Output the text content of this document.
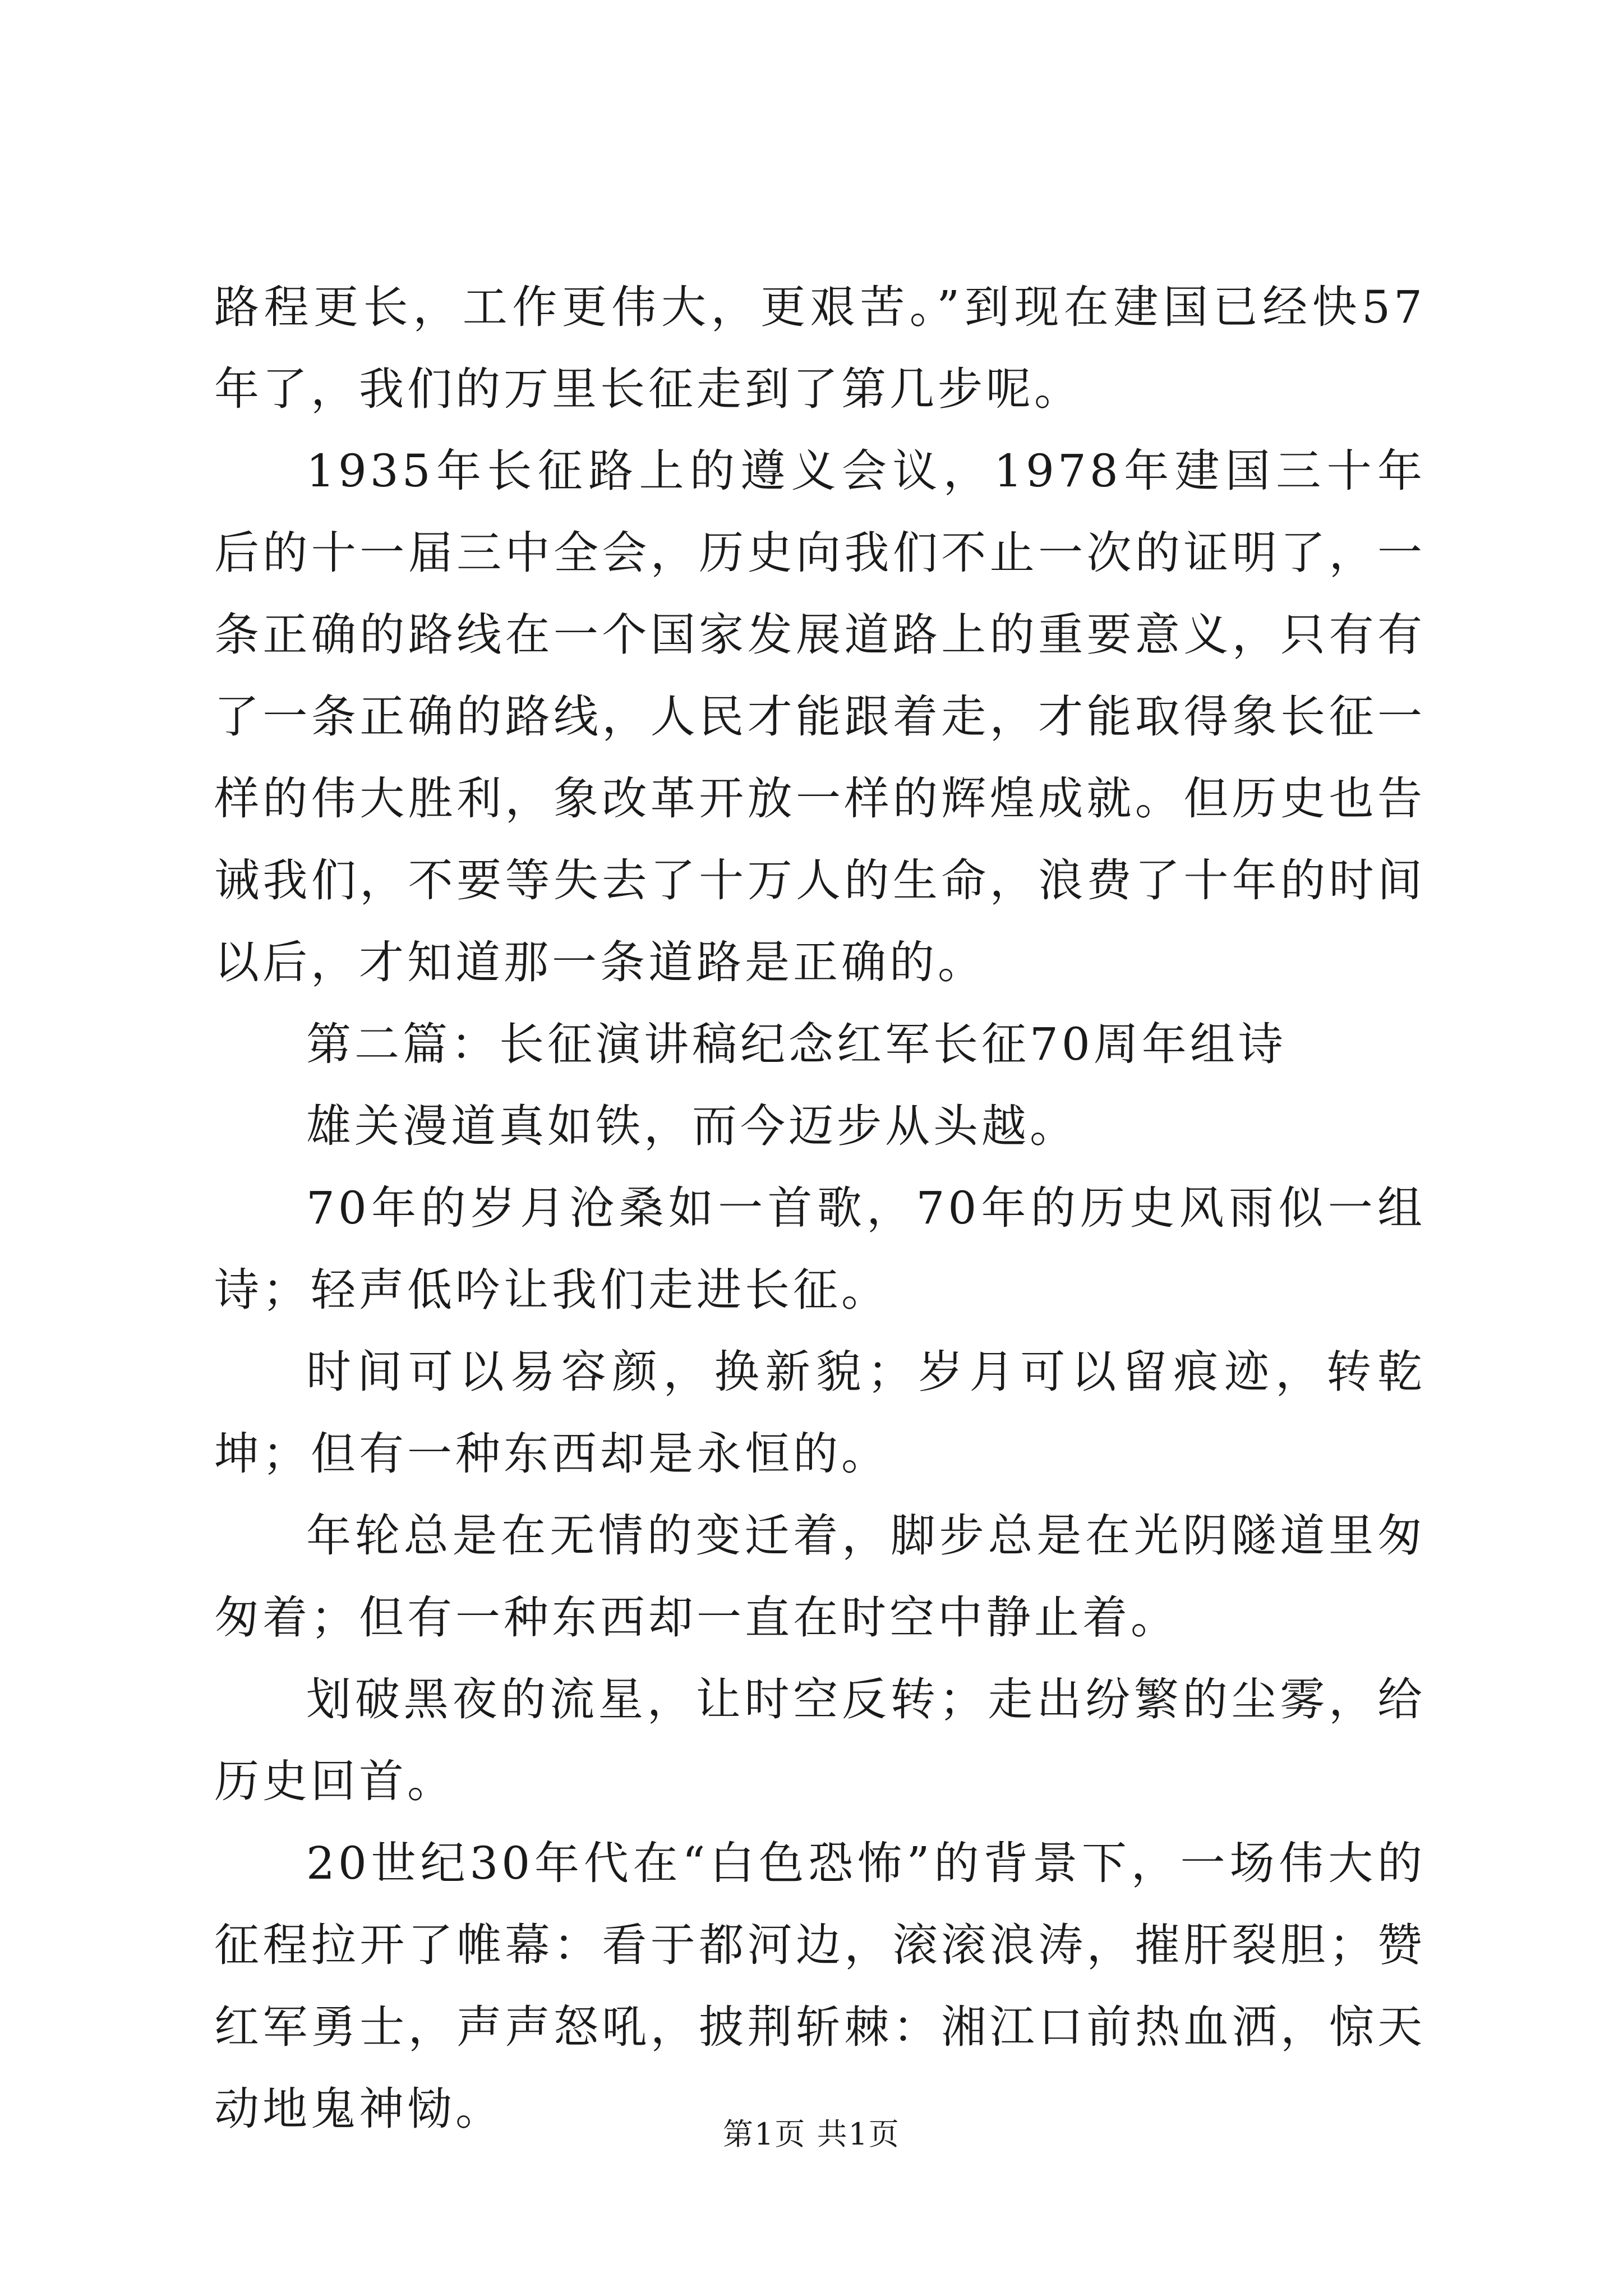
路程更长，工作更伟大，更艰苦。”到现在建国已经快57年了，我们的万里长征走到了第几步呢。

1935年长征路上的遵义会议，1978年建国三十年后的十一届三中全会，历史向我们不止一次的证明了，一条正确的路线在一个国家发展道路上的重要意义，只有有了一条正确的路线，人民才能跟着走，才能取得象长征一样的伟大胜利，象改革开放一样的辉煌成就。但历史也告诫我们，不要等失去了十万人的生命，浪费了十年的时间以后，才知道那一条道路是正确的。

第二篇：长征演讲稿纪念红军长征70周年组诗

雄关漫道真如铁，而今迈步从头越。

70年的岁月沧桑如一首歌，70年的历史风雨似一组诗；轻声低吟让我们走进长征。

时间可以易容颜，换新貌；岁月可以留痕迹，转乾坤；但有一种东西却是永恒的。

年轮总是在无情的变迁着，脚步总是在光阴隧道里匆匆着；但有一种东西却一直在时空中静止着。

划破黑夜的流星，让时空反转；走出纷繁的尘雾，给历史回首。

20世纪30年代在“白色恐怖”的背景下，一场伟大的征程拉开了帷幕：看于都河边，滚滚浪涛，摧肝裂胆；赞红军勇士，声声怒吼，披荆斩棘：湘江口前热血洒，惊天动地鬼神恸。	第1页 共1页
